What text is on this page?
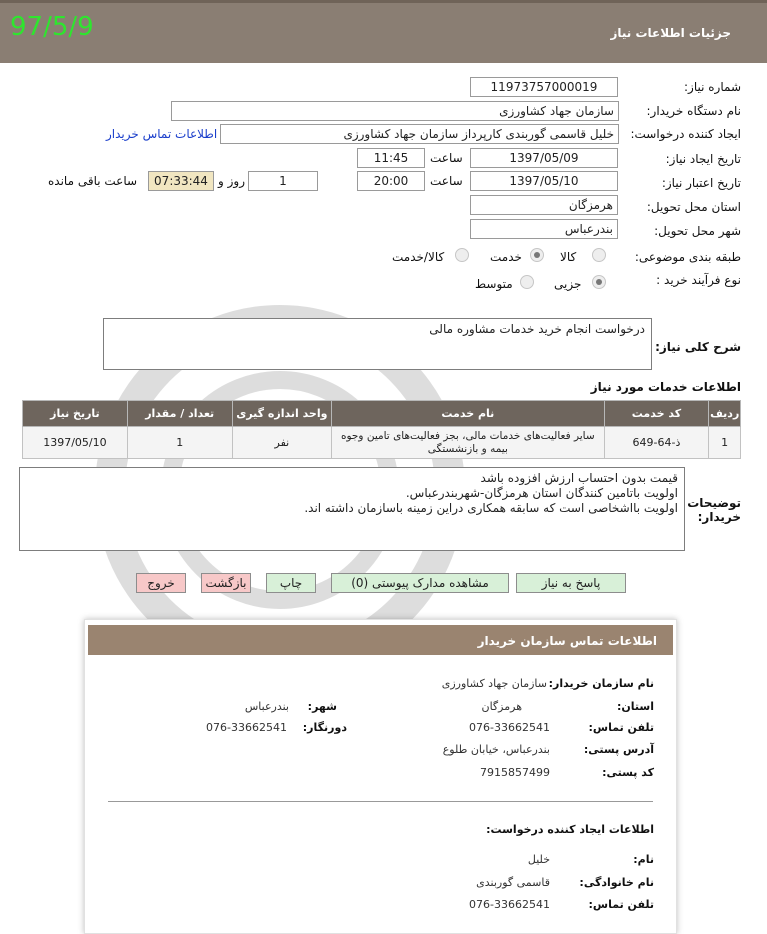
97/5/9	جزئیات اطلاعات نیاز
شماره نیاز:
11973757000019
نام دستگاه خریدار:
سازمان جهاد کشاورزی
ایجاد کننده درخواست:
خلیل قاسمی گوربندی کارپرداز سازمان جهاد کشاورزی
اطلاعات تماس خریدار
تاریخ ایجاد نیاز:
1397/05/09
ساعت
11:45
تاریخ اعتبار نیاز:
1397/05/10
ساعت
20:00
1
روز و
07:33:44
ساعت باقی مانده
استان محل تحویل:
هرمزگان
شهر محل تحویل:
بندرعباس
طبقه بندی موضوعی:
کالا
خدمت
کالا/خدمت
نوع فرآیند خرید :
جزیی
متوسط
شرح کلی نیاز:
درخواست انجام خرید خدمات مشاوره مالی
اطلاعات خدمات مورد نیاز
ردیف	کد خدمت	نام خدمت	واحد اندازه گیری	تعداد / مقدار	تاریخ نیاز
1	ذ-64-649	سایر فعالیت‌های خدمات مالی، بجز فعالیت‌های تامین وجوه بیمه و بازنشستگی	نفر	1	1397/05/10
توضیحات خریدار:
قیمت بدون احتساب ارزش افزوده باشد
اولویت باتامین کنندگان استان هرمزگان-شهربندرعباس.
اولویت بااشخاصی است که سابقه همکاری دراین زمینه باسازمان داشته اند.
پاسخ به نیاز
مشاهده مدارک پیوستی (0)
چاپ
بازگشت
خروج
اطلاعات تماس سازمان خریدار
نام سازمان خریدار:
سازمان جهاد کشاورزی
استان:
هرمزگان
شهر:
بندرعباس
تلفن تماس:
076-33662541
دورنگار:
076-33662541
آدرس پستی:
بندرعباس، خیابان طلوع
کد پستی:
7915857499
اطلاعات ایجاد کننده درخواست:
نام:
خلیل
نام خانوادگی:
قاسمی گوربندی
تلفن تماس:
076-33662541
